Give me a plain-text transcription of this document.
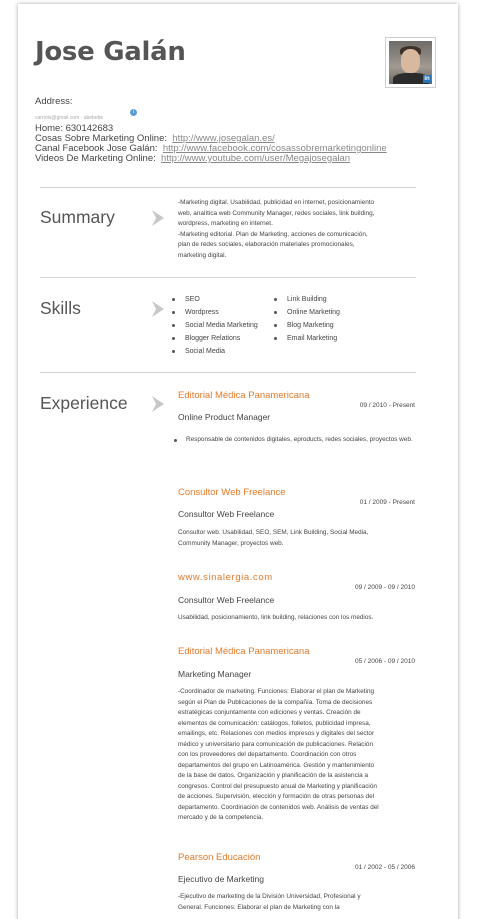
Jose Galán
in
Address:
carriots@gmail.com · abebebe
i
Home: 630142683
Cosas Sobre Marketing Online: http://www.josegalan.es/
Canal Facebook Jose Galán: http://www.facebook.com/cosassobremarketingonline
Videos De Marketing Online: http://www.youtube.com/user/Megajosegalan
Summary
-Marketing digital. Usabilidad, publicidad en internet, posicionamiento
web, analítica web Community Manager, redes sociales, link building,
wordpress, marketing en internet.
-Marketing editorial. Plan de Marketing, acciones de comunicación,
plan de redes sociales, elaboración materiales promocionales,
marketing digital.
Skills	SEO
Wordpress
Social Media Marketing
Blogger Relations
Social Media
Link Building
Online Marketing
Blog Marketing
Email Marketing
Experience	Editorial Médica Panamericana
09 / 2010 - Present
Online Product Manager
Responsable de contenidos digitales, eproducts, redes sociales, proyectos web.
Consultor Web Freelance
01 / 2009 - Present
Consultor Web Freelance
Consultor web. Usabilidad, SEO, SEM, Link Building, Social Media,
Community Manager, proyectos web.
www.sinalergia.com
09 / 2009 - 09 / 2010
Consultor Web Freelance
Usabilidad, posicionamiento, link building, relaciones con los medios.
Editorial Médica Panamericana
05 / 2006 - 09 / 2010
Marketing Manager
-Coordinador de marketing. Funciones: Elaborar el plan de Marketing
según el Plan de Publicaciones de la compañía. Toma de decisiones
estratégicas conjuntamente con ediciones y ventas. Creación de
elementos de comunicación: catálogos, folletos, publicidad impresa,
emailings, etc. Relaciones con medios impresos y digitales del sector
médico y universitario para comunicación de publicaciones. Relación
con los proveedores del departamento. Coordinación con otros
departamentos del grupo en Latinoamérica. Gestión y mantenimiento
de la base de datos. Organización y planificación de la asistencia a
congresos. Control del presupuesto anual de Marketing y planificación
de acciones. Supervisión, elección y formación de otras personas del
departamento. Coordinación de contenidos web. Análisis de ventas del
mercado y de la competencia.
Pearson Educación
01 / 2002 - 05 / 2006
Ejecutivo de Marketing
-Ejecutivo de marketing de la División Universidad, Profesional y
General. Funciones: Elaborar el plan de Marketing con la
